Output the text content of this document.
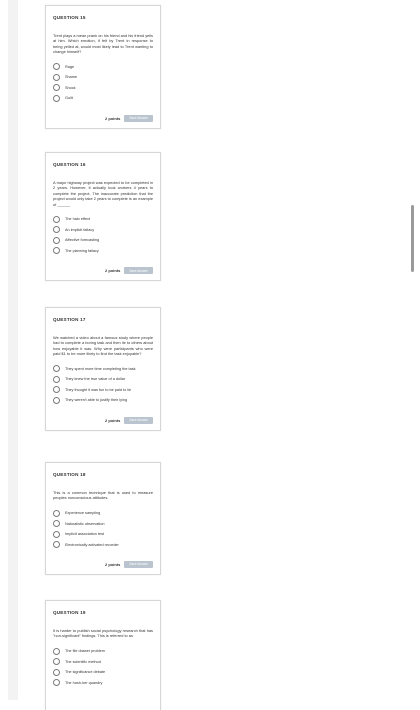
QUESTION 15
Trent plays a mean prank on his friend and his friend yells at him. Which emotion, if felt by Trent in response to being yelled at, would most likely lead to Trent wanting to change himself?
Rage
Shame
Shock
Guilt
2 points	Save Answer
QUESTION 16
A major highway project was expected to be completed in 2 years. However, it actually took workers 4 years to complete the project. The inaccurate prediction that the project would only take 2 years to complete is an example of ______
The halo effect
An implicit fallacy
Affective forecasting
The planning fallacy
2 points	Save Answer
QUESTION 17
We watched a video about a famous study where people had to complete a boring task and then lie to others about how enjoyable it was. Why were participants who were paid $1 to be more likely to find the task enjoyable?
They spent more time completing the task
They knew the true value of a dollar
They thought it was fun to be paid to lie
They weren't able to justify their lying
2 points	Save Answer
QUESTION 18
This is a common technique that is used to measure peoples nonconscious attitudes.
Experience sampling
Naturalistic observation
Implicit association test
Electronically activated recorder
2 points	Save Answer
QUESTION 19
It is harder to publish social psychology research that has "non-significant" findings. This is referred to as
The file drawer problem
The scientific method
The significance debate
The hush-her quandry
